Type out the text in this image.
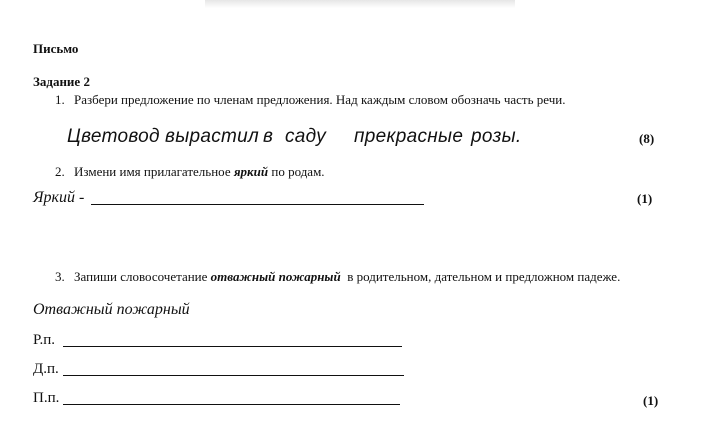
Письмо
Задание 2
1. Разбери предложение по членам предложения. Над каждым словом обозначь часть речи.
Цветовод вырастил в саду прекрасные розы.	(8)
2. Измени имя прилагательное яркий по родам.
Яркий -	(1)
3. Запиши словосочетание отважный пожарный  в родительном, дательном и предложном падеже.
Отважный пожарный
Р.п.
Д.п.
П.п.	(1)
